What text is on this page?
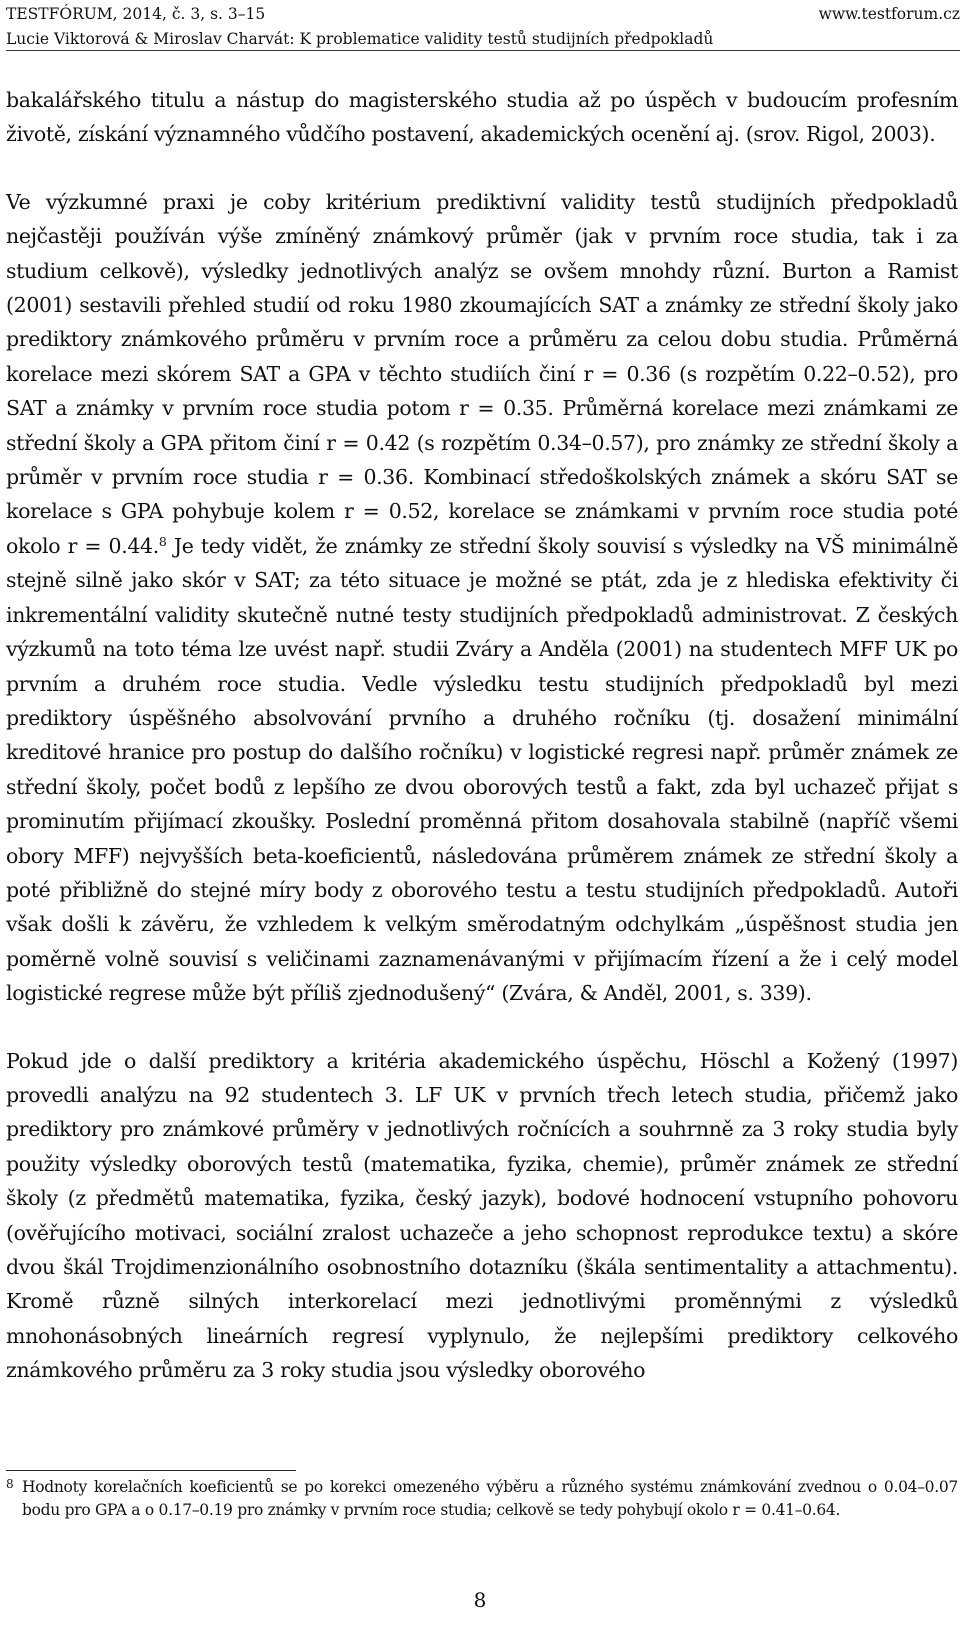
TESTFÓRUM, 2014, č. 3, s. 3–15	www.testforum.cz
Lucie Viktorová & Miroslav Charvát: K problematice validity testů studijních předpokladů

bakalářského titulu a nástup do magisterského studia až po úspěch v budoucím profesním životě, získání významného vůdčího postavení, akademických ocenění aj. (srov. Rigol, 2003).

Ve výzkumné praxi je coby kritérium prediktivní validity testů studijních předpokladů nejčastěji používán výše zmíněný známkový průměr (jak v prvním roce studia, tak i za studium celkově), výsledky jednotlivých analýz se ovšem mnohdy různí. Burton a Ramist (2001) sestavili přehled studií od roku 1980 zkoumajících SAT a známky ze střední školy jako prediktory známkového průměru v prvním roce a průměru za celou dobu studia. Průměrná korelace mezi skórem SAT a GPA v těchto studiích činí r = 0.36 (s rozpětím 0.22–0.52), pro SAT a známky v prvním roce studia potom r = 0.35. Průměrná korelace mezi známkami ze střední školy a GPA přitom činí r = 0.42 (s rozpětím 0.34–0.57), pro známky ze střední školy a průměr v prvním roce studia r = 0.36. Kombinací středoškolských známek a skóru SAT se korelace s GPA pohybuje kolem r = 0.52, korelace se známkami v prvním roce studia poté okolo r = 0.44.$^8$ Je tedy vidět, že známky ze střední školy souvisí s výsledky na VŠ minimálně stejně silně jako skór v SAT; za této situace je možné se ptát, zda je z hlediska efektivity či inkrementální validity skutečně nutné testy studijních předpokladů administrovat. Z českých výzkumů na toto téma lze uvést např. studii Zváry a Anděla (2001) na studentech MFF UK po prvním a druhém roce studia. Vedle výsledku testu studijních předpokladů byl mezi prediktory úspěšného absolvování prvního a druhého ročníku (tj. dosažení minimální kreditové hranice pro postup do dalšího ročníku) v logistické regresi např. průměr známek ze střední školy, počet bodů z lepšího ze dvou oborových testů a fakt, zda byl uchazeč přijat s prominutím přijímací zkoušky. Poslední proměnná přitom dosahovala stabilně (napříč všemi obory MFF) nejvyšších beta-koeficientů, následována průměrem známek ze střední školy a poté přibližně do stejné míry body z oborového testu a testu studijních předpokladů. Autoři však došli k závěru, že vzhledem k velkým směrodatným odchylkám „úspěšnost studia jen poměrně volně souvisí s veličinami zaznamenávanými v přijímacím řízení a že i celý model logistické regrese může být příliš zjednodušený“ (Zvára, & Anděl, 2001, s. 339).

Pokud jde o další prediktory a kritéria akademického úspěchu, Höschl a Kožený (1997) provedli analýzu na 92 studentech 3. LF UK v prvních třech letech studia, přičemž jako prediktory pro známkové průměry v jednotlivých ročnících a souhrnně za 3 roky studia byly použity výsledky oborových testů (matematika, fyzika, chemie), průměr známek ze střední školy (z předmětů matematika, fyzika, český jazyk), bodové hodnocení vstupního pohovoru (ověřujícího motivaci, sociální zralost uchazeče a jeho schopnost reprodukce textu) a skóre dvou škál Trojdimenzionálního osobnostního dotazníku (škála sentimentality a attachmentu). Kromě různě silných interkorelací mezi jednotlivými proměnnými z výsledků mnohonásobných lineárních regresí vyplynulo, že nejlepšími prediktory celkového známkového průměru za 3 roky studia jsou výsledky oborového

8 Hodnoty korelačních koeficientů se po korekci omezeného výběru a různého systému známkování zvednou o 0.04–0.07 bodu pro GPA a o 0.17–0.19 pro známky v prvním roce studia; celkově se tedy pohybují okolo r = 0.41–0.64.
8
